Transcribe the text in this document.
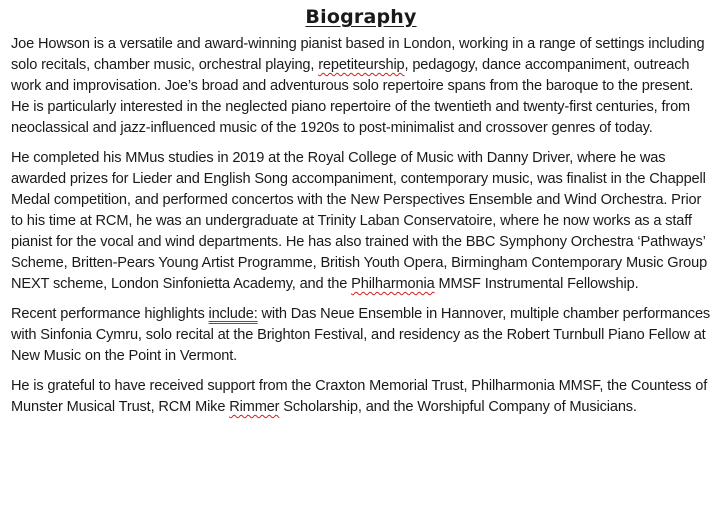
Biography

Joe Howson is a versatile and award-winning pianist based in London, working in a range of settings including solo recitals, chamber music, orchestral playing, repetiteurship, pedagogy, dance accompaniment, outreach work and improvisation. Joe’s broad and adventurous solo repertoire spans from the baroque to the present. He is particularly interested in the neglected piano repertoire of the twentieth and twenty-first centuries, from neoclassical and jazz-influenced music of the 1920s to post-minimalist and crossover genres of today.

He completed his MMus studies in 2019 at the Royal College of Music with Danny Driver, where he was awarded prizes for Lieder and English Song accompaniment, contemporary music, was finalist in the Chappell Medal competition, and performed concertos with the New Perspectives Ensemble and Wind Orchestra. Prior to his time at RCM, he was an undergraduate at Trinity Laban Conservatoire, where he now works as a staff pianist for the vocal and wind departments. He has also trained with the BBC Symphony Orchestra ‘Pathways’ Scheme, Britten-Pears Young Artist Programme, British Youth Opera, Birmingham Contemporary Music Group NEXT scheme, London Sinfonietta Academy, and the Philharmonia MMSF Instrumental Fellowship.

Recent performance highlights include: with Das Neue Ensemble in Hannover, multiple chamber performances with Sinfonia Cymru, solo recital at the Brighton Festival, and residency as the Robert Turnbull Piano Fellow at New Music on the Point in Vermont.

He is grateful to have received support from the Craxton Memorial Trust, Philharmonia MMSF, the Countess of Munster Musical Trust, RCM Mike Rimmer Scholarship, and the Worshipful Company of Musicians.
